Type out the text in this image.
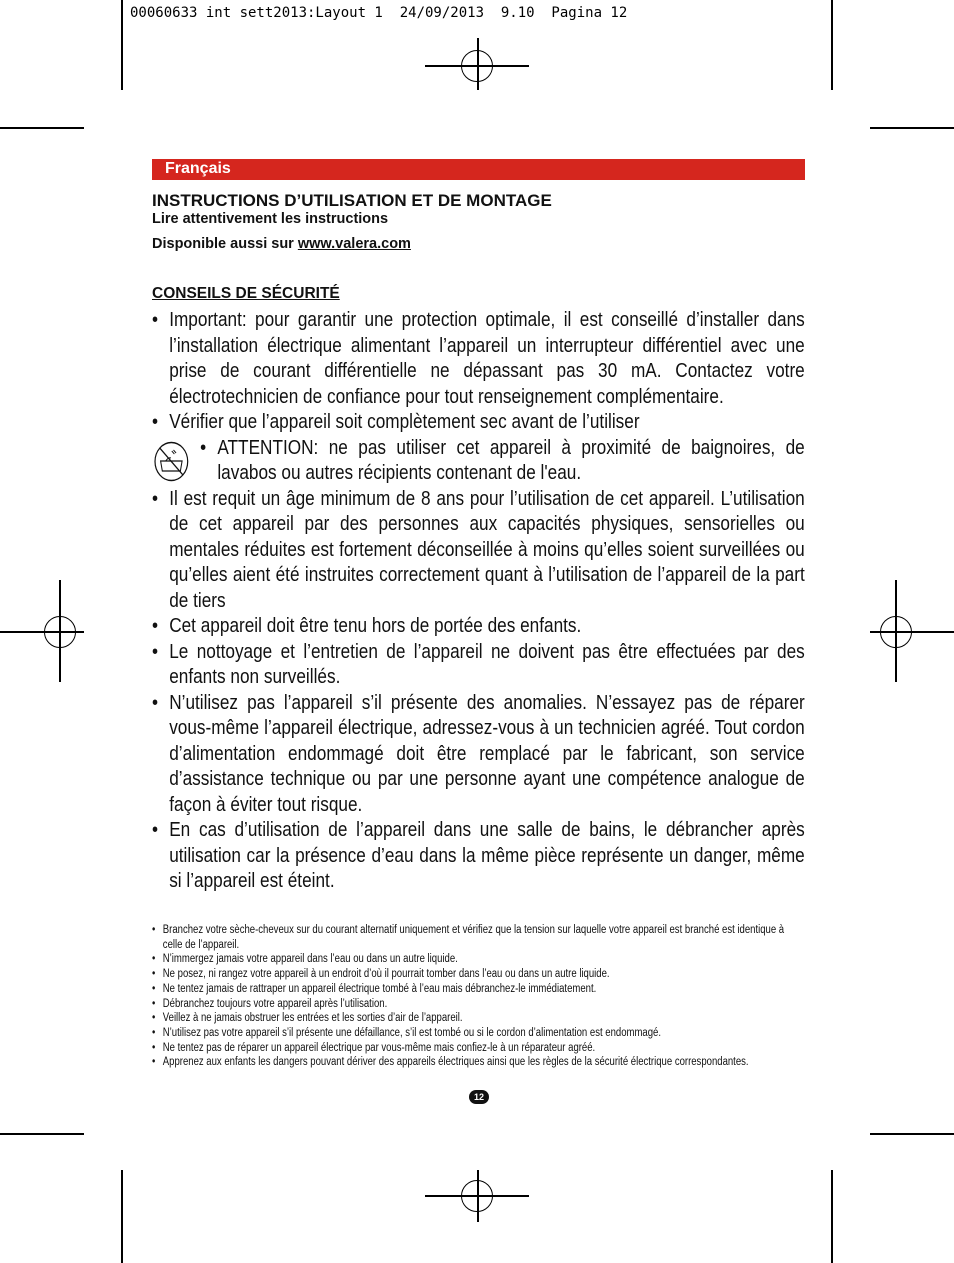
00060633 int sett2013:Layout 1  24/09/2013  9.10  Pagina 12
Français
INSTRUCTIONS D’UTILISATION ET DE MONTAGE
Lire attentivement les instructions
Disponible aussi sur www.valera.com
CONSEILS DE SÉCURITÉ
• Important: pour garantir une protection optimale, il est conseillé d’installer dans l’installation électrique alimentant l’appareil un interrupteur différentiel avec une prise de courant différentielle ne dépassant pas 30 mA. Contactez votre électrotechnicien de confiance pour tout renseignement complémentaire.
• Vérifier que l’appareil soit complètement sec avant de l’utiliser
• ATTENTION: ne pas utiliser cet appareil à proximité de baignoires, de lavabos ou autres récipients contenant de l'eau.
• Il est requit un âge minimum de 8 ans pour l’utilisation de cet appareil. L’utilisation de cet appareil par des personnes aux capacités physiques, sensorielles ou mentales réduites est fortement déconseillée à moins qu’elles soient surveillées ou qu’elles aient été instruites correctement quant à l’utilisation de l’appareil de la part de tiers
• Cet appareil doit être tenu hors de portée des enfants.
• Le nottoyage et l’entretien de l’appareil ne doivent pas être effectuées par des enfants non surveillés.
• N’utilisez pas l’appareil s’il présente des anomalies. N’essayez pas de réparer vous-même l’appareil électrique, adressez-vous à un technicien agréé. Tout cordon d’alimentation endommagé doit être remplacé par le fabricant, son service d’assistance technique ou par une personne ayant une compétence analogue de façon à éviter tout risque.
• En cas d’utilisation de l’appareil dans une salle de bains, le débrancher après utilisation car la présence d’eau dans la même pièce représente un danger, même si l’appareil est éteint.
• Branchez votre sèche-cheveux sur du courant alternatif uniquement et vérifiez que la tension sur laquelle votre appareil est branché est identique à celle de l’appareil.
• N’immergez jamais votre appareil dans l’eau ou dans un autre liquide.
• Ne posez, ni rangez votre appareil à un endroit d’où il pourrait tomber dans l’eau ou dans un autre liquide.
• Ne tentez jamais de rattraper un appareil électrique tombé à l’eau mais débranchez-le immédiatement.
• Débranchez toujours votre appareil après l’utilisation.
• Veillez à ne jamais obstruer les entrées et les sorties d’air de l’appareil.
• N’utilisez pas votre appareil s’il présente une défaillance, s’il est tombé ou si le cordon d’alimentation est endommagé.
• Ne tentez pas de réparer un appareil électrique par vous-même mais confiez-le à un réparateur agréé.
• Apprenez aux enfants les dangers pouvant dériver des appareils électriques ainsi que les règles de la sécurité électrique correspondantes.
12
